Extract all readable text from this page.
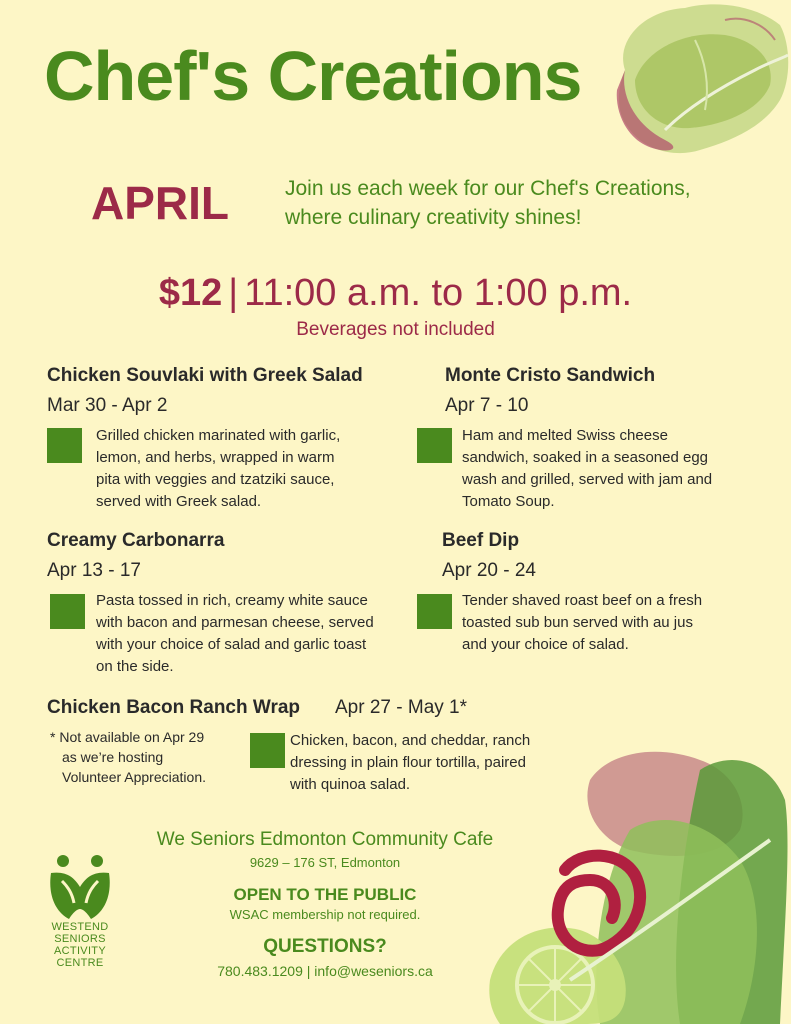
Chef's Creations
APRIL	Join us each week for our Chef's Creations,
where culinary creativity shines!
$12 | 11:00 a.m. to 1:00 p.m.
Beverages not included
Chicken Souvlaki with Greek Salad
Mar 30 - Apr 2
Grilled chicken marinated with garlic,
lemon, and herbs, wrapped in warm
pita with veggies and tzatziki sauce,
served with Greek salad.
Monte Cristo Sandwich
Apr 7 - 10
Ham and melted Swiss cheese
sandwich, soaked in a seasoned egg
wash and grilled, served with jam and
Tomato Soup.
Creamy Carbonarra
Apr 13 - 17
Pasta tossed in rich, creamy white sauce
with bacon and parmesan cheese, served
with your choice of salad and garlic toast
on the side.
Beef Dip
Apr 20 - 24
Tender shaved roast beef on a fresh
toasted sub bun served with au jus
and your choice of salad.
Chicken Bacon Ranch Wrap Apr 27 - May 1*
* Not available on Apr 29
as we’re hosting
Volunteer Appreciation.
Chicken, bacon, and cheddar, ranch
dressing in plain flour tortilla, paired
with quinoa salad.
WESTEND
SENIORS
ACTIVITY
CENTRE
We Seniors Edmonton Community Cafe
9629 – 176 ST, Edmonton
OPEN TO THE PUBLIC
WSAC membership not required.
QUESTIONS?
780.483.1209 | info@weseniors.ca
